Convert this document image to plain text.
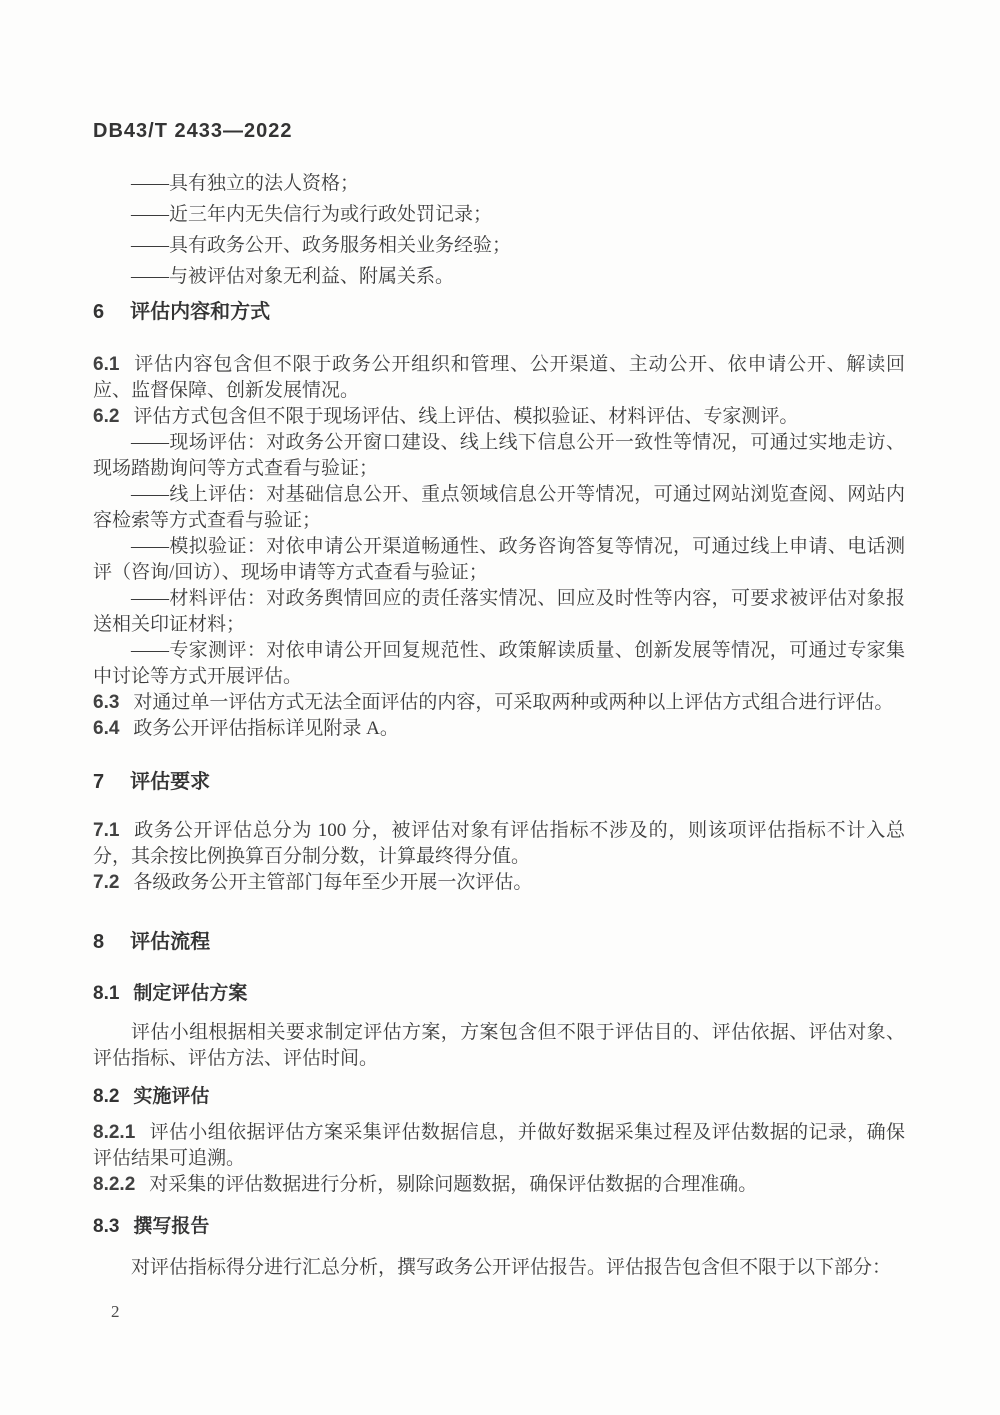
DB43/T 2433—2022
——具有独立的法人资格；
——近三年内无失信行为或行政处罚记录；
——具有政务公开、政务服务相关业务经验；
——与被评估对象无利益、附属关系。
6 评估内容和方式

6.1 评估内容包含但不限于政务公开组织和管理、公开渠道、主动公开、依申请公开、解读回应、监督保障、创新发展情况。

6.2 评估方式包含但不限于现场评估、线上评估、模拟验证、材料评估、专家测评。

——现场评估：对政务公开窗口建设、线上线下信息公开一致性等情况，可通过实地走访、现场踏勘询问等方式查看与验证；

——线上评估：对基础信息公开、重点领域信息公开等情况，可通过网站浏览查阅、网站内容检索等方式查看与验证；

——模拟验证：对依申请公开渠道畅通性、政务咨询答复等情况，可通过线上申请、电话测评（咨询/回访）、现场申请等方式查看与验证；

——材料评估：对政务舆情回应的责任落实情况、回应及时性等内容，可要求被评估对象报送相关印证材料；

——专家测评：对依申请公开回复规范性、政策解读质量、创新发展等情况，可通过专家集中讨论等方式开展评估。

6.3 对通过单一评估方式无法全面评估的内容，可采取两种或两种以上评估方式组合进行评估。

6.4 政务公开评估指标详见附录 A。

7 评估要求

7.1 政务公开评估总分为 100 分，被评估对象有评估指标不涉及的，则该项评估指标不计入总分，其余按比例换算百分制分数，计算最终得分值。

7.2 各级政务公开主管部门每年至少开展一次评估。

8 评估流程
8.1 制定评估方案

评估小组根据相关要求制定评估方案，方案包含但不限于评估目的、评估依据、评估对象、评估指标、评估方法、评估时间。

8.2 实施评估

8.2.1 评估小组依据评估方案采集评估数据信息，并做好数据采集过程及评估数据的记录，确保评估结果可追溯。

8.2.2 对采集的评估数据进行分析，剔除问题数据，确保评估数据的合理准确。

8.3 撰写报告

对评估指标得分进行汇总分析，撰写政务公开评估报告。评估报告包含但不限于以下部分：

2
